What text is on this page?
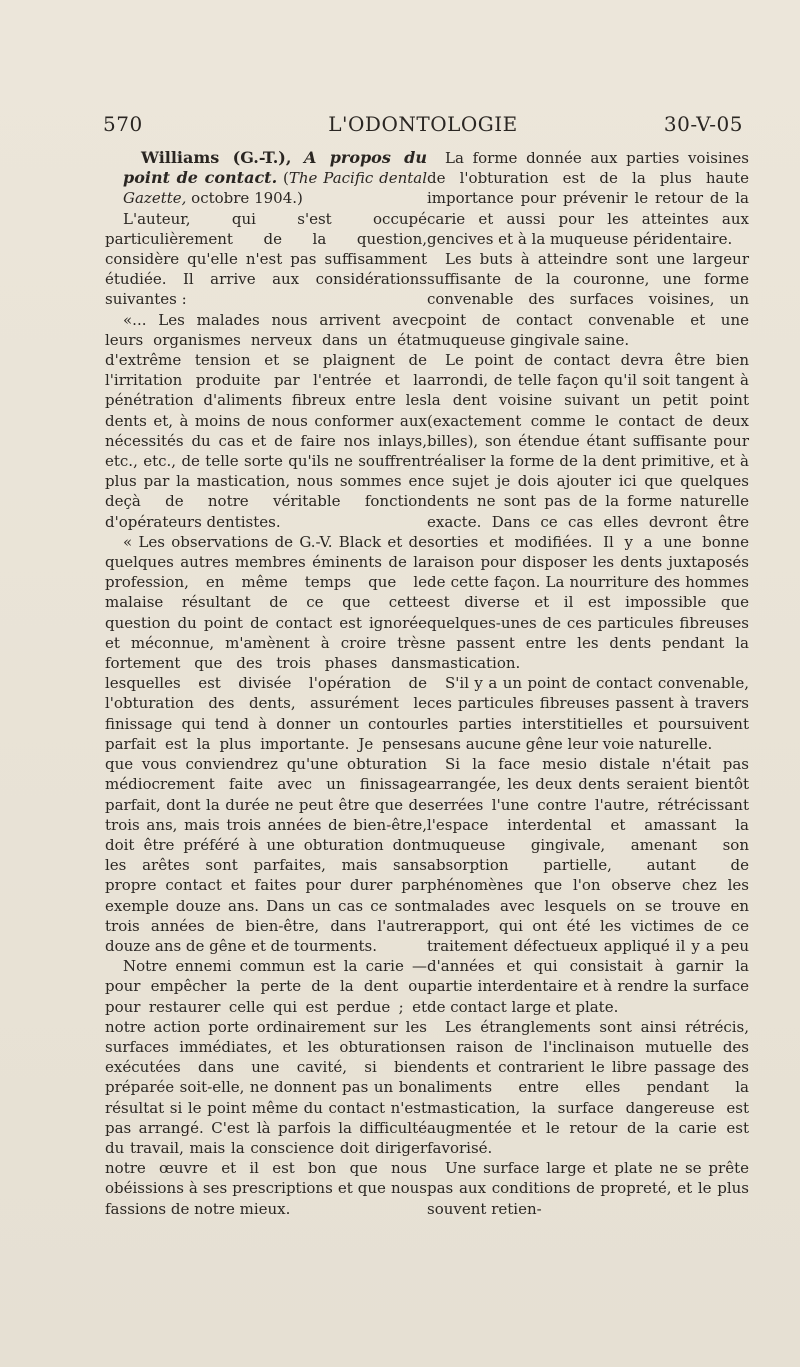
570	L'ODONTOLOGIE	30-V-05

Williams (G.-T.), A propos du point de contact. (The Pacific dental Gazette, octobre 1904.)

L'auteur, qui s'est occupé particulièrement de la question, considère qu'elle n'est pas suffisamment étudiée. Il arrive aux considérations suivantes :

«... Les malades nous arrivent avec leurs organismes nerveux dans un état d'extrême tension et se plaignent de l'irritation produite par l'entrée et la pénétration d'aliments fibreux entre les dents et, à moins de nous conformer aux nécessités du cas et de faire nos inlays, etc., etc., de telle sorte qu'ils ne souffrent plus par la mastication, nous sommes en deçà de notre véritable fonction d'opérateurs dentistes.

« Les observations de G.-V. Black et de quelques autres membres éminents de la profession, en même temps que le malaise résultant de ce que cette question du point de contact est ignorée et méconnue, m'amènent à croire très fortement que des trois phases dans lesquelles est divisée l'opération de l'obturation des dents, assurément le finissage qui tend à donner un contour parfait est la plus importante. Je pense que vous conviendrez qu'une obturation médiocrement faite avec un finissage parfait, dont la durée ne peut être que de trois ans, mais trois années de bien-être, doit être préféré à une obturation dont les arêtes sont parfaites, mais sans propre contact et faites pour durer par exemple douze ans. Dans un cas ce sont trois années de bien-être, dans l'autre douze ans de gêne et de tourments.

Notre ennemi commun est la carie — pour empêcher la perte de la dent ou pour restaurer celle qui est perdue ; et notre action porte ordinairement sur les surfaces immédiates, et les obturations exécutées dans une cavité, si bien préparée soit-elle, ne donnent pas un bon résultat si le point même du contact n'est pas arrangé. C'est là parfois la difficulté du travail, mais la conscience doit diriger notre œuvre et il est bon que nous obéissions à ses prescriptions et que nous fassions de notre mieux.

La forme donnée aux parties voisines de l'obturation est de la plus haute importance pour prévenir le retour de la carie et aussi pour les atteintes aux gencives et à la muqueuse péridentaire.

Les buts à atteindre sont une largeur suffisante de la couronne, une forme convenable des surfaces voisines, un point de contact convenable et une muqueuse gingivale saine.

Le point de contact devra être bien arrondi, de telle façon qu'il soit tangent à la dent voisine suivant un petit point (exactement comme le contact de deux billes), son étendue étant suffisante pour réaliser la forme de la dent primitive, et à ce sujet je dois ajouter ici que quelques dents ne sont pas de la forme naturelle exacte. Dans ce cas elles devront être sorties et modifiées. Il y a une bonne raison pour disposer les dents juxtaposés de cette façon. La nourriture des hommes est diverse et il est impossible que quelques-unes de ces particules fibreuses ne passent entre les dents pendant la mastication.

S'il y a un point de contact convenable, ces particules fibreuses passent à travers les parties interstitielles et poursuivent sans aucune gêne leur voie naturelle.

Si la face mesio distale n'était pas arrangée, les deux dents seraient bientôt serrées l'une contre l'autre, rétrécissant l'espace interdental et amassant la muqueuse gingivale, amenant son absorption partielle, autant de phénomènes que l'on observe chez les malades avec lesquels on se trouve en rapport, qui ont été les victimes de ce traitement défectueux appliqué il y a peu d'années et qui consistait à garnir la partie interdentaire et à rendre la surface de contact large et plate.

Les étranglements sont ainsi rétrécis, en raison de l'inclinaison mutuelle des dents et contrarient le libre passage des aliments entre elles pendant la mastication, la surface dangereuse est augmentée et le retour de la carie est favorisé.

Une surface large et plate ne se prête pas aux conditions de propreté, et le plus souvent retien-
